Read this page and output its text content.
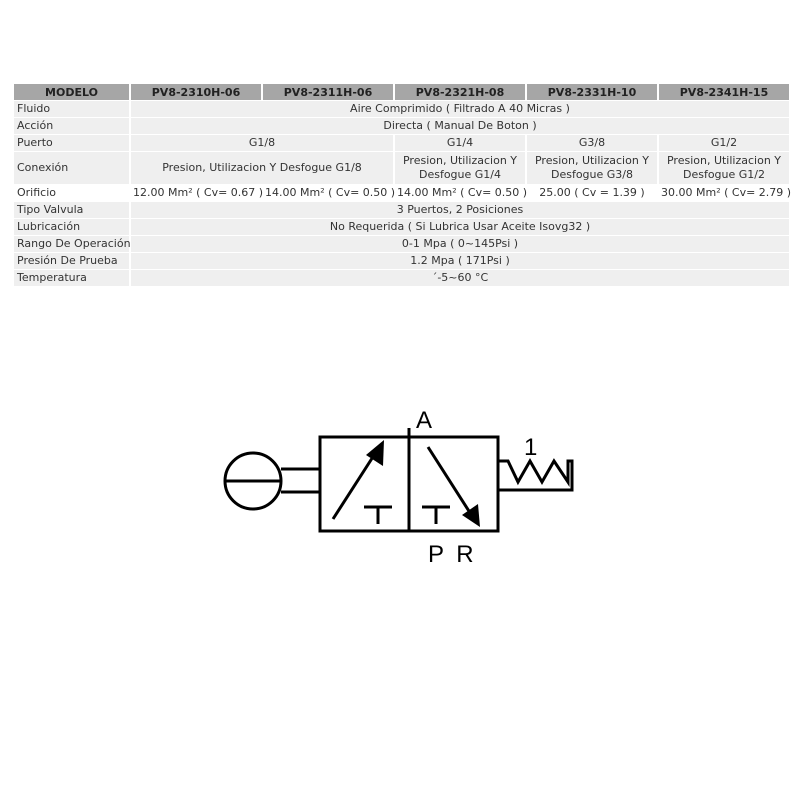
MODELO	PV8-2310H-06	PV8-2311H-06	PV8-2321H-08	PV8-2331H-10	PV8-2341H-15
Fluido	Aire Comprimido ( Filtrado A 40 Micras )				
Acción	Directa ( Manual De Boton )				
Puerto	G1/8		G1/4	G3/8	G1/2
Conexión	Presion, Utilizacion Y Desfogue G1/8		Presion, Utilizacion Y Desfogue G1/4	Presion, Utilizacion Y Desfogue G3/8	Presion, Utilizacion Y Desfogue G1/2
Orificio	12.00 Mm² ( Cv= 0.67 )	14.00 Mm² ( Cv= 0.50 )	14.00 Mm² ( Cv= 0.50 )	25.00 ( Cv = 1.39 )	30.00 Mm² ( Cv= 2.79 )
Tipo Valvula	3 Puertos, 2 Posiciones				
Lubricación	No Requerida ( Si Lubrica Usar Aceite Isovg32 )				
Rango De Operación	0-1 Mpa ( 0~145Psi )				
Presión De Prueba	1.2 Mpa ( 171Psi )				
Temperatura	´-5~60 °C				
A
P R
1
